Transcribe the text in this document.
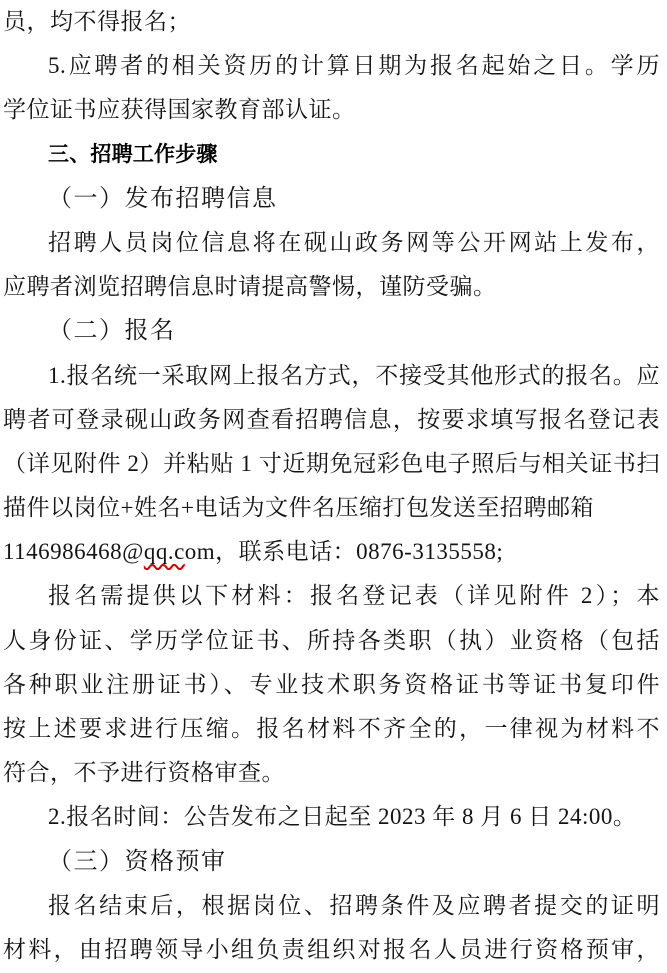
员，均不得报名；
5.应聘者的相关资历的计算日期为报名起始之日。学历
学位证书应获得国家教育部认证。
三、招聘工作步骤
（一）发布招聘信息
招聘人员岗位信息将在砚山政务网等公开网站上发布，
应聘者浏览招聘信息时请提高警惕，谨防受骗。
（二）报名
1.报名统一采取网上报名方式，不接受其他形式的报名。应
聘者可登录砚山政务网查看招聘信息，按要求填写报名登记表
（详见附件 2）并粘贴 1 寸近期免冠彩色电子照后与相关证书扫
描件以岗位+姓名+电话为文件名压缩打包发送至招聘邮箱
1146986468@qq.com，联系电话：0876-3135558;
报名需提供以下材料：报名登记表（详见附件 2）；本
人身份证、学历学位证书、所持各类职（执）业资格（包括
各种职业注册证书）、专业技术职务资格证书等证书复印件
按上述要求进行压缩。报名材料不齐全的，一律视为材料不
符合，不予进行资格审查。
2.报名时间：公告发布之日起至 2023 年 8 月 6 日 24:00。
（三）资格预审
报名结束后，根据岗位、招聘条件及应聘者提交的证明
材料，由招聘领导小组负责组织对报名人员进行资格预审，
